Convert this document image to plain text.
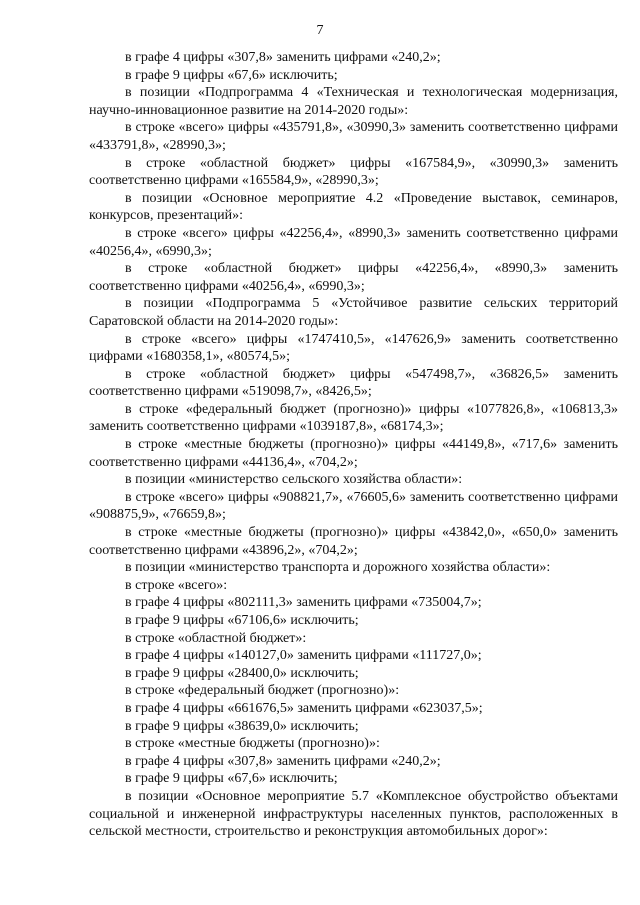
7

в графе 4 цифры «307,8» заменить цифрами «240,2»;

в графе 9 цифры «67,6» исключить;

в позиции «Подпрограмма 4 «Техническая и технологическая модернизация, научно-инновационное развитие на 2014-2020 годы»:

в строке «всего» цифры «435791,8», «30990,3» заменить соответственно цифрами «433791,8», «28990,3»;

в строке «областной бюджет» цифры «167584,9», «30990,3» заменить соответственно цифрами «165584,9», «28990,3»;

в позиции «Основное мероприятие 4.2 «Проведение выставок, семинаров, конкурсов, презентаций»:

в строке «всего» цифры «42256,4», «8990,3» заменить соответственно цифрами «40256,4», «6990,3»;

в строке «областной бюджет» цифры «42256,4», «8990,3» заменить соответственно цифрами «40256,4», «6990,3»;

в позиции «Подпрограмма 5 «Устойчивое развитие сельских территорий Саратовской области на 2014-2020 годы»:

в строке «всего» цифры «1747410,5», «147626,9» заменить соответственно цифрами «1680358,1», «80574,5»;

в строке «областной бюджет» цифры «547498,7», «36826,5» заменить соответственно цифрами «519098,7», «8426,5»;

в строке «федеральный бюджет (прогнозно)» цифры «1077826,8», «106813,3» заменить соответственно цифрами «1039187,8», «68174,3»;

в строке «местные бюджеты (прогнозно)» цифры «44149,8», «717,6» заменить соответственно цифрами «44136,4», «704,2»;

в позиции «министерство сельского хозяйства области»:

в строке «всего» цифры «908821,7», «76605,6» заменить соответственно цифрами «908875,9», «76659,8»;

в строке «местные бюджеты (прогнозно)» цифры «43842,0», «650,0» заменить соответственно цифрами «43896,2», «704,2»;

в позиции «министерство транспорта и дорожного хозяйства области»:

в строке «всего»:

в графе 4 цифры «802111,3» заменить цифрами «735004,7»;

в графе 9 цифры «67106,6» исключить;

в строке «областной бюджет»:

в графе 4 цифры «140127,0» заменить цифрами «111727,0»;

в графе 9 цифры «28400,0» исключить;

в строке «федеральный бюджет (прогнозно)»:

в графе 4 цифры «661676,5» заменить цифрами «623037,5»;

в графе 9 цифры «38639,0» исключить;

в строке «местные бюджеты (прогнозно)»:

в графе 4 цифры «307,8» заменить цифрами «240,2»;

в графе 9 цифры «67,6» исключить;

в позиции «Основное мероприятие 5.7 «Комплексное обустройство объектами социальной и инженерной инфраструктуры населенных пунктов, расположенных в сельской местности, строительство и реконструкция автомобильных дорог»:
